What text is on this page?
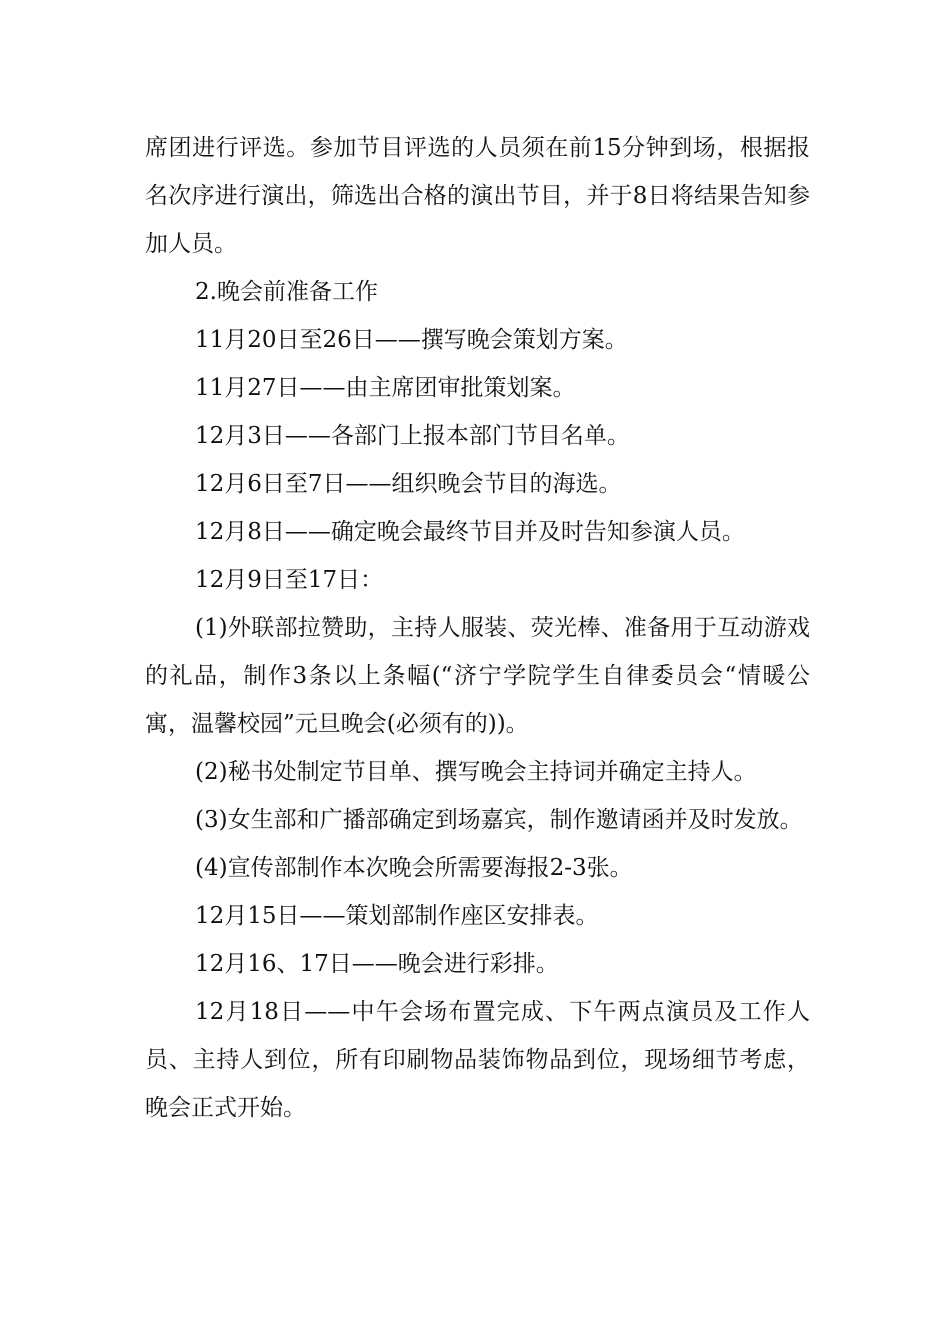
席团进行评选。参加节目评选的人员须在前15分钟到场，根据报名次序进行演出，筛选出合格的演出节目，并于8日将结果告知参加人员。

2.晚会前准备工作

11月20日至26日——撰写晚会策划方案。

11月27日——由主席团审批策划案。

12月3日——各部门上报本部门节目名单。

12月6日至7日——组织晚会节目的海选。

12月8日——确定晚会最终节目并及时告知参演人员。

12月9日至17日：

(1)外联部拉赞助，主持人服装、荧光棒、准备用于互动游戏的礼品，制作3条以上条幅(“济宁学院学生自律委员会“情暖公寓，温馨校园”元旦晚会(必须有的))。

(2)秘书处制定节目单、撰写晚会主持词并确定主持人。

(3)女生部和广播部确定到场嘉宾，制作邀请函并及时发放。

(4)宣传部制作本次晚会所需要海报2-3张。

12月15日——策划部制作座区安排表。

12月16、17日——晚会进行彩排。

12月18日——中午会场布置完成、下午两点演员及工作人员、主持人到位，所有印刷物品装饰物品到位，现场细节考虑，晚会正式开始。
